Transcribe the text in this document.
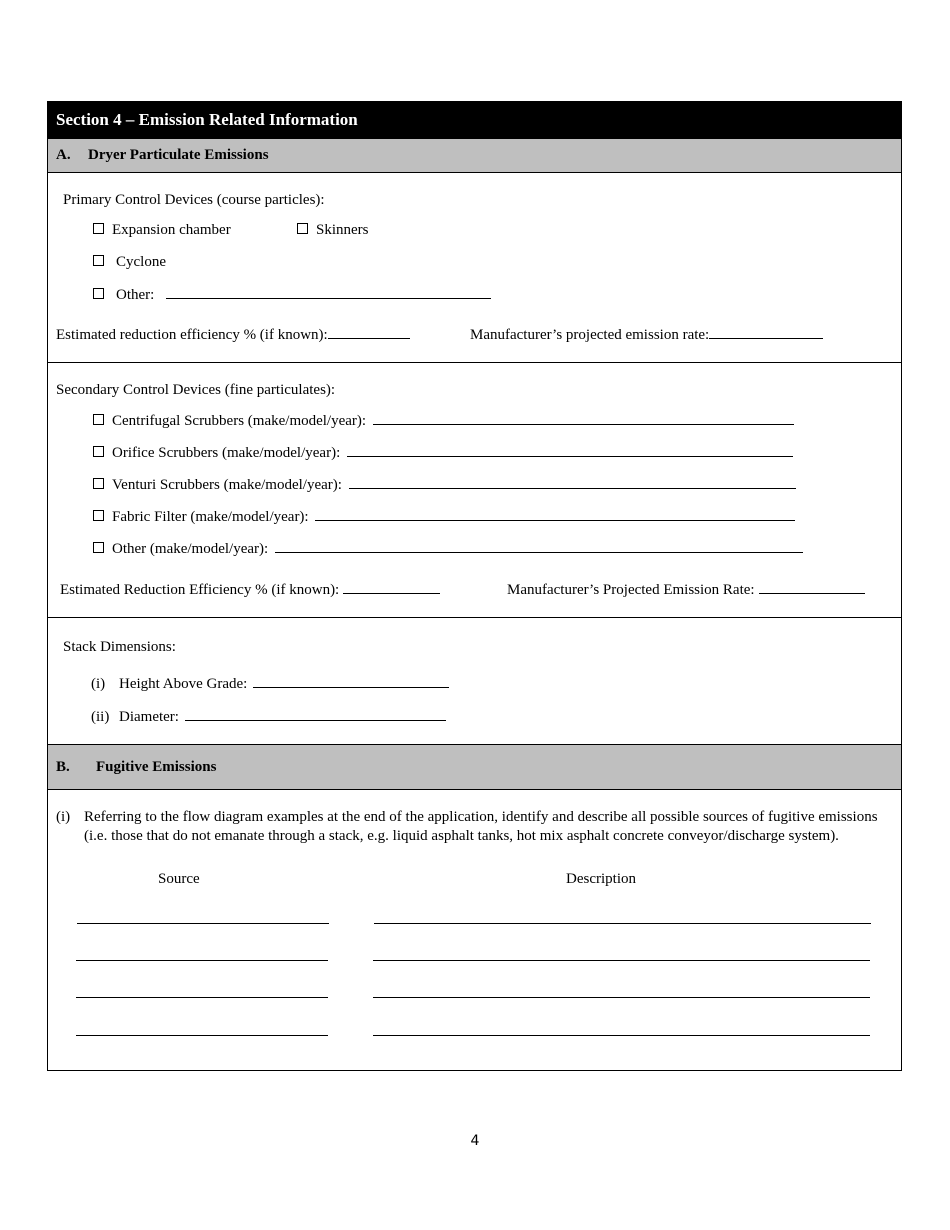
Section 4 – Emission Related Information
A. Dryer Particulate Emissions
Primary Control Devices (course particles):
Expansion chamber	Skinners
Cyclone
Other:
Estimated reduction efficiency % (if known):	Manufacturer’s projected emission rate:
Secondary Control Devices (fine particulates):
Centrifugal Scrubbers (make/model/year):
Orifice Scrubbers (make/model/year):
Venturi Scrubbers (make/model/year):
Fabric Filter (make/model/year):
Other (make/model/year):
Estimated Reduction Efficiency % (if known):	Manufacturer’s Projected Emission Rate:
Stack Dimensions:
(i) Height Above Grade:
(ii) Diameter:
B. Fugitive Emissions
(i) Referring to the flow diagram examples at the end of the application, identify and describe all possible sources of fugitive emissions (i.e. those that do not emanate through a stack, e.g. liquid asphalt tanks, hot mix asphalt concrete conveyor/discharge system).
Source	Description
4
